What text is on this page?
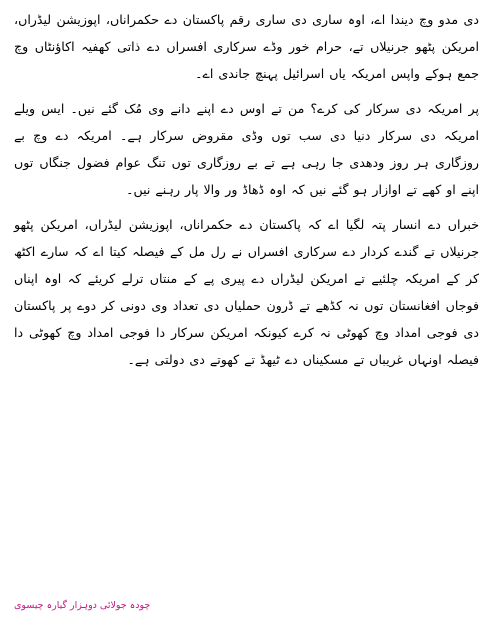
دی مدو وچ دیندا اے، اوہ ساری دی ساری رقم پاکستان دے حکمراناں، اپوزیشن لیڈراں، امریکن پٹھو جرنیلاں تے، حرام خور وڈے سرکاری افسراں دے ذاتی کھفیہ اکاؤنٹاں وچ جمع ہوکے واپس امریکہ یاں اسرائیل پہنچ جاندی اے۔

پر امریکہ دی سرکار کی کرے؟ من تے اوس دے اپنے دانے وی مُک گئے نیں۔ ایس ویلے امریکہ دی سرکار دنیا دی سب توں وڈی مقروض سرکار ہے۔ امریکہ دے وچ بے روزگاری ہر روز ودھدی جا رہی ہے تے بے روزگاری توں تنگ عوام فضول جنگاں توں اپنے او کھے تے اوازار ہو گئے نیں کہ اوہ ڈھاڈ ور والا پار رہنے نیں۔

خبراں دے انسار پتہ لگیا اے کہ پاکستان دے حکمراناں، اپوزیشن لیڈراں، امریکن پٹھو جرنیلاں تے گندے کردار دے سرکاری افسراں نے رل مل کے فیصلہ کیتا اے کہ سارے اکٹھ کر کے امریکہ چلئیے تے امریکن لیڈراں دے پیری پے کے منتاں ترلے کریئے کہ اوہ اپناں فوجاں افغانستان توں نہ کڈھے تے ڈرون حملیاں دی تعداد وی دونی کر دوے پر پاکستان دی فوجی امداد وچ کھوٹی نہ کرے کیونکہ امریکن سرکار دا فوجی امداد وچ کھوٹی دا فیصلہ اونہاں غریباں تے مسکیناں دے ٹیھڈ تے کھوتے دی دولتی ہے۔

چودہ جولائی دوہزار گیارہ چیسوی
